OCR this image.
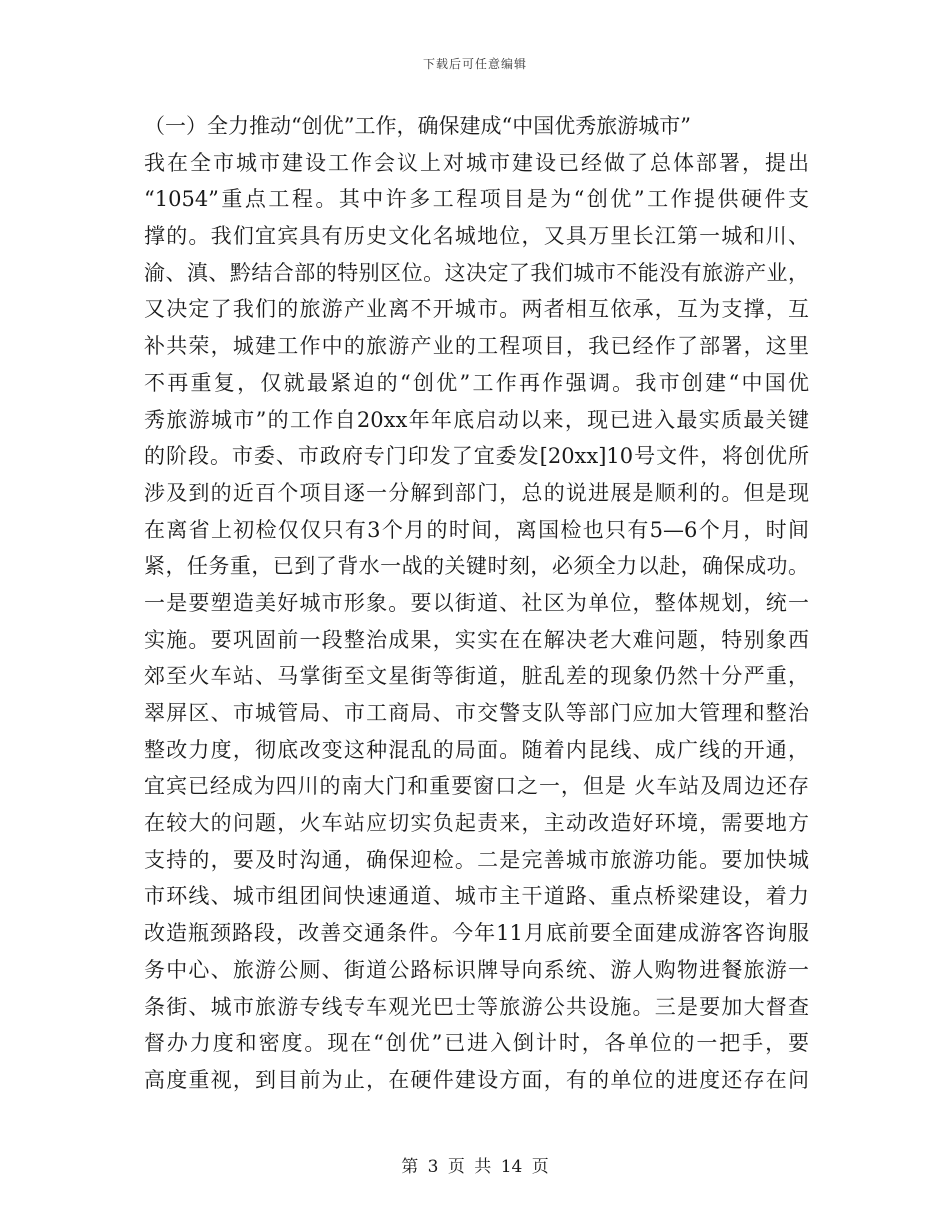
下载后可任意编辑
（一）全力推动“创优”工作，确保建成“中国优秀旅游城市”
我在全市城市建设工作会议上对城市建设已经做了总体部署，提出
“1054”重点工程。其中许多工程项目是为“创优”工作提供硬件支
撑的。我们宜宾具有历史文化名城地位，又具万里长江第一城和川、
渝、滇、黔结合部的特别区位。这决定了我们城市不能没有旅游产业，
又决定了我们的旅游产业离不开城市。两者相互依承，互为支撑，互
补共荣，城建工作中的旅游产业的工程项目，我已经作了部署，这里
不再重复，仅就最紧迫的“创优”工作再作强调。我市创建“中国优
秀旅游城市”的工作自20xx年年底启动以来，现已进入最实质最关键
的阶段。市委、市政府专门印发了宜委发[20xx]10号文件，将创优所
涉及到的近百个项目逐一分解到部门，总的说进展是顺利的。但是现
在离省上初检仅仅只有3个月的时间，离国检也只有5—6个月，时间
紧，任务重，已到了背水一战的关键时刻，必须全力以赴，确保成功。
一是要塑造美好城市形象。要以街道、社区为单位，整体规划，统一
实施。要巩固前一段整治成果，实实在在解决老大难问题，特别象西
郊至火车站、马掌街至文星街等街道，脏乱差的现象仍然十分严重，
翠屏区、市城管局、市工商局、市交警支队等部门应加大管理和整治
整改力度，彻底改变这种混乱的局面。随着内昆线、成广线的开通，
宜宾已经成为四川的南大门和重要窗口之一，但是 火车站及周边还存
在较大的问题，火车站应切实负起责来，主动改造好环境，需要地方
支持的，要及时沟通，确保迎检。二是完善城市旅游功能。要加快城
市环线、城市组团间快速通道、城市主干道路、重点桥梁建设，着力
改造瓶颈路段，改善交通条件。今年11月底前要全面建成游客咨询服
务中心、旅游公厕、街道公路标识牌导向系统、游人购物进餐旅游一
条街、城市旅游专线专车观光巴士等旅游公共设施。三是要加大督查
督办力度和密度。现在“创优”已进入倒计时，各单位的一把手，要
高度重视，到目前为止，在硬件建设方面，有的单位的进度还存在问
第 3 页 共 14 页
